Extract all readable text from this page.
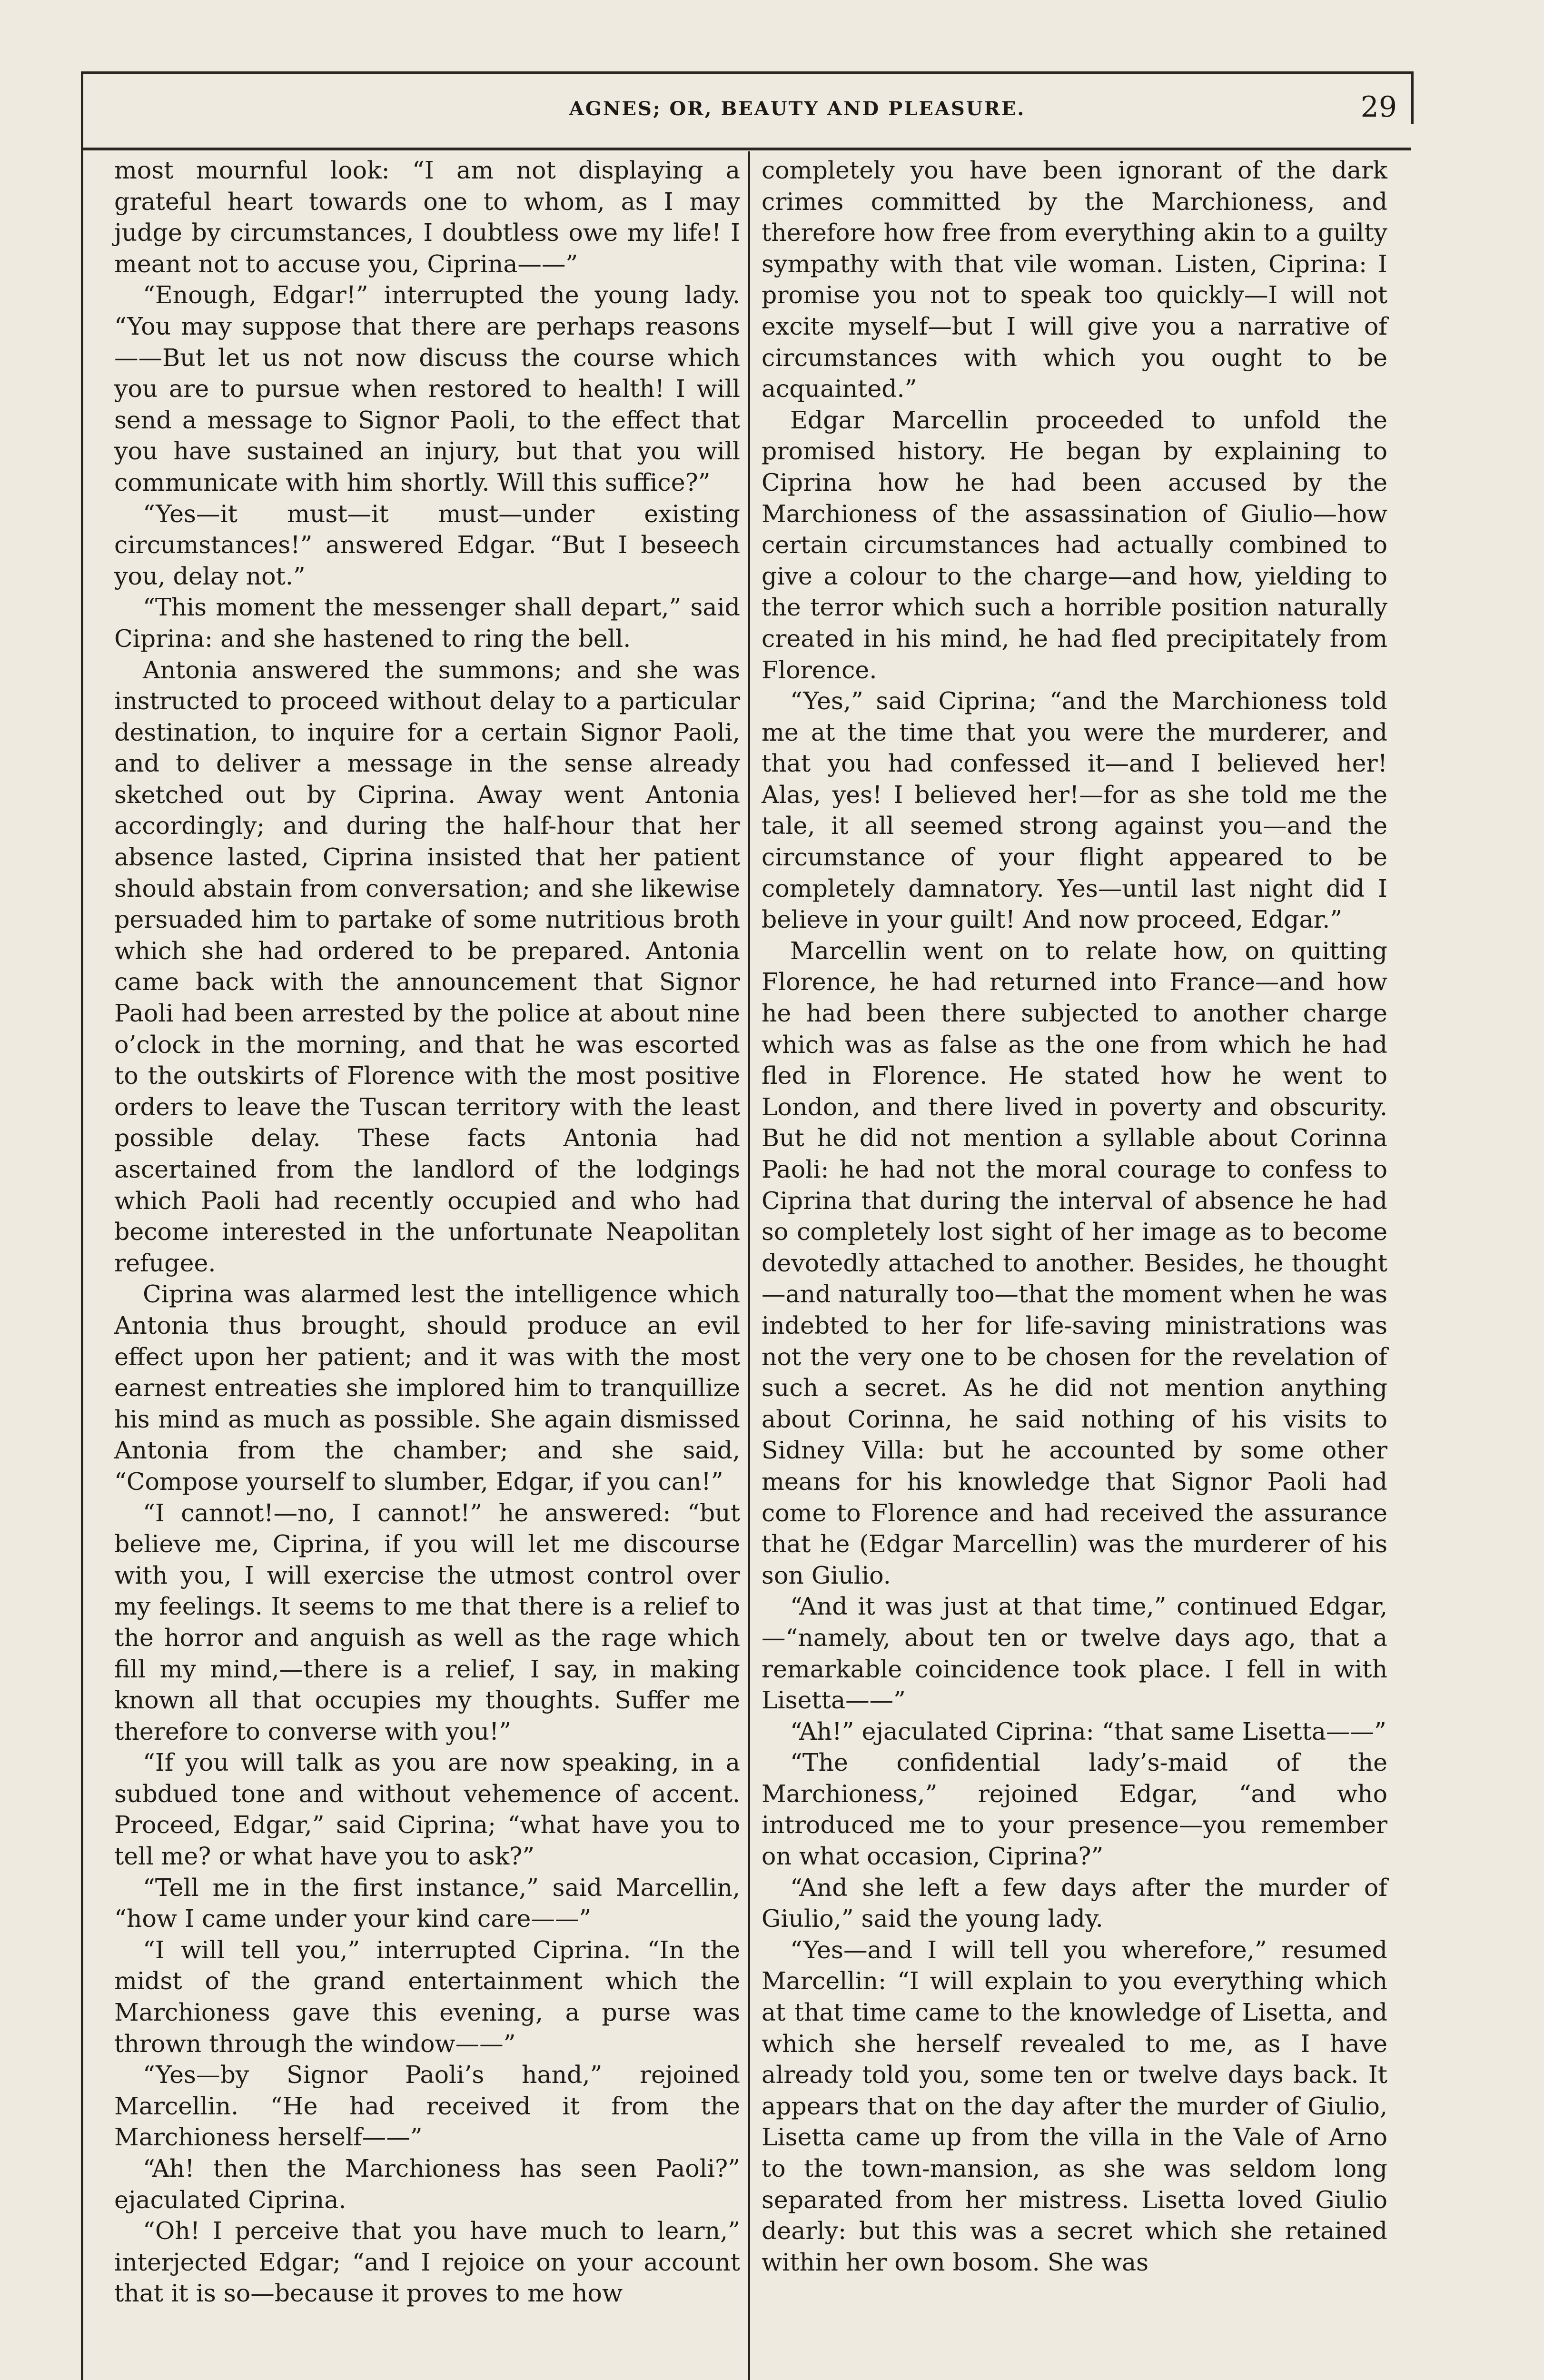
AGNES; OR, BEAUTY AND PLEASURE.	29

most mournful look: “I am not displaying a grateful heart towards one to whom, as I may judge by circumstances, I doubtless owe my life! I meant not to accuse you, Ciprina——”

“Enough, Edgar!” interrupted the young lady. “You may suppose that there are perhaps reasons ——But let us not now discuss the course which you are to pursue when restored to health! I will send a message to Signor Paoli, to the effect that you have sustained an injury, but that you will communicate with him shortly. Will this suffice?”

“Yes—it must—it must—under existing circumstances!” answered Edgar. “But I beseech you, delay not.”

“This moment the messenger shall depart,” said Ciprina: and she hastened to ring the bell.

Antonia answered the summons; and she was instructed to proceed without delay to a particular destination, to inquire for a certain Signor Paoli, and to deliver a message in the sense already sketched out by Ciprina. Away went Antonia accordingly; and during the half-hour that her absence lasted, Ciprina insisted that her patient should abstain from conversation; and she likewise persuaded him to partake of some nutritious broth which she had ordered to be prepared. Antonia came back with the announcement that Signor Paoli had been arrested by the police at about nine o’clock in the morning, and that he was escorted to the outskirts of Florence with the most positive orders to leave the Tuscan territory with the least possible delay. These facts Antonia had ascertained from the landlord of the lodgings which Paoli had recently occupied and who had become interested in the unfortunate Neapolitan refugee.

Ciprina was alarmed lest the intelligence which Antonia thus brought, should produce an evil effect upon her patient; and it was with the most earnest entreaties she implored him to tranquillize his mind as much as possible. She again dismissed Antonia from the chamber; and she said, “Compose yourself to slumber, Edgar, if you can!”

“I cannot!—no, I cannot!” he answered: “but believe me, Ciprina, if you will let me discourse with you, I will exercise the utmost control over my feelings. It seems to me that there is a relief to the horror and anguish as well as the rage which fill my mind,—there is a relief, I say, in making known all that occupies my thoughts. Suffer me therefore to converse with you!”

“If you will talk as you are now speaking, in a subdued tone and without vehemence of accent. Proceed, Edgar,” said Ciprina; “what have you to tell me? or what have you to ask?”

“Tell me in the first instance,” said Marcellin, “how I came under your kind care——”

“I will tell you,” interrupted Ciprina. “In the midst of the grand entertainment which the Marchioness gave this evening, a purse was thrown through the window——”

“Yes—by Signor Paoli’s hand,” rejoined Marcellin. “He had received it from the Marchioness herself——”

“Ah! then the Marchioness has seen Paoli?” ejaculated Ciprina.

“Oh! I perceive that you have much to learn,” interjected Edgar; “and I rejoice on your account that it is so—because it proves to me how

completely you have been ignorant of the dark crimes committed by the Marchioness, and therefore how free from everything akin to a guilty sympathy with that vile woman. Listen, Ciprina: I promise you not to speak too quickly—I will not excite myself—but I will give you a narrative of circumstances with which you ought to be acquainted.”

Edgar Marcellin proceeded to unfold the promised history. He began by explaining to Ciprina how he had been accused by the Marchioness of the assassination of Giulio—how certain circumstances had actually combined to give a colour to the charge—and how, yielding to the terror which such a horrible position naturally created in his mind, he had fled precipitately from Florence.

“Yes,” said Ciprina; “and the Marchioness told me at the time that you were the murderer, and that you had confessed it—and I believed her! Alas, yes! I believed her!—for as she told me the tale, it all seemed strong against you—and the circumstance of your flight appeared to be completely damnatory. Yes—until last night did I believe in your guilt! And now proceed, Edgar.”

Marcellin went on to relate how, on quitting Florence, he had returned into France—and how he had been there subjected to another charge which was as false as the one from which he had fled in Florence. He stated how he went to London, and there lived in poverty and obscurity. But he did not mention a syllable about Corinna Paoli: he had not the moral courage to confess to Ciprina that during the interval of absence he had so completely lost sight of her image as to become devotedly attached to another. Besides, he thought—and naturally too—that the moment when he was indebted to her for life-saving ministrations was not the very one to be chosen for the revelation of such a secret. As he did not mention anything about Corinna, he said nothing of his visits to Sidney Villa: but he accounted by some other means for his knowledge that Signor Paoli had come to Florence and had received the assurance that he (Edgar Marcellin) was the murderer of his son Giulio.

“And it was just at that time,” continued Edgar,—“namely, about ten or twelve days ago, that a remarkable coincidence took place. I fell in with Lisetta——”

“Ah!” ejaculated Ciprina: “that same Lisetta——”

“The confidential lady’s-maid of the Marchioness,” rejoined Edgar, “and who introduced me to your presence—you remember on what occasion, Ciprina?”

“And she left a few days after the murder of Giulio,” said the young lady.

“Yes—and I will tell you wherefore,” resumed Marcellin: “I will explain to you everything which at that time came to the knowledge of Lisetta, and which she herself revealed to me, as I have already told you, some ten or twelve days back. It appears that on the day after the murder of Giulio, Lisetta came up from the villa in the Vale of Arno to the town-mansion, as she was seldom long separated from her mistress. Lisetta loved Giulio dearly: but this was a secret which she retained within her own bosom. She was
